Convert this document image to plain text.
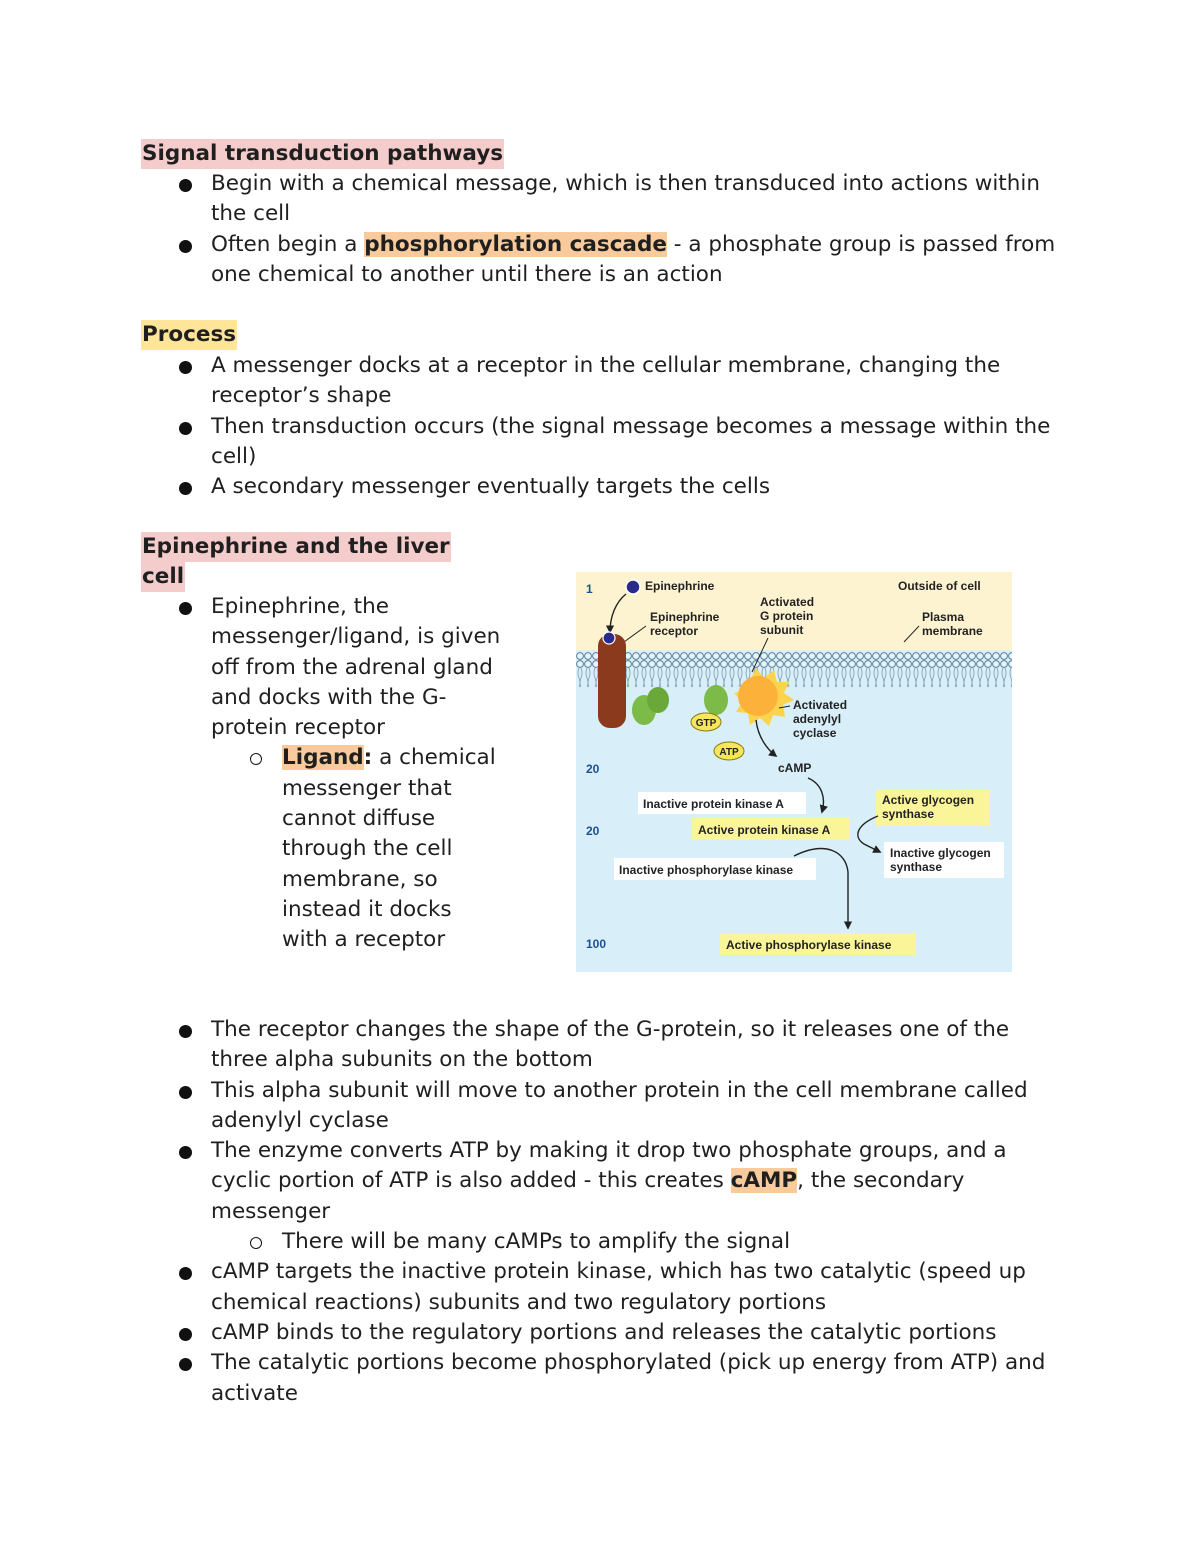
Signal transduction pathways
Begin with a chemical message, which is then transduced into actions within the cell
Often begin a phosphorylation cascade - a phosphate group is passed from one chemical to another until there is an action
Process
A messenger docks at a receptor in the cellular membrane, changing the receptor’s shape
Then transduction occurs (the signal message becomes a message within the cell)
A secondary messenger eventually targets the cells
Epinephrine and the liver
cell
Epinephrine, the messenger/ligand, is given off from the adrenal gland and docks with the G-protein receptor
Ligand: a chemical messenger that cannot diffuse through the cell membrane, so instead it docks with a receptor
The receptor changes the shape of the G-protein, so it releases one of the three alpha subunits on the bottom
This alpha subunit will move to another protein in the cell membrane called adenylyl cyclase
The enzyme converts ATP by making it drop two phosphate groups, and a cyclic portion of ATP is also added - this creates cAMP, the secondary messenger
There will be many cAMPs to amplify the signal
cAMP targets the inactive protein kinase, which has two catalytic (speed up chemical reactions) subunits and two regulatory portions
cAMP binds to the regulatory portions and releases the catalytic portions
The catalytic portions become phosphorylated (pick up energy from ATP) and activate
1	Epinephrine	Outside of cell
Epinephrine
receptor
Activated
G protein
subunit
Plasma
membrane
GTP
ATP
Activated
adenylyl
cyclase
20	cAMP
Inactive protein kinase A
20	Active protein kinase A
Active glycogen
synthase
Inactive glycogen
synthase
Inactive phosphorylase kinase
100	Active phosphorylase kinase
